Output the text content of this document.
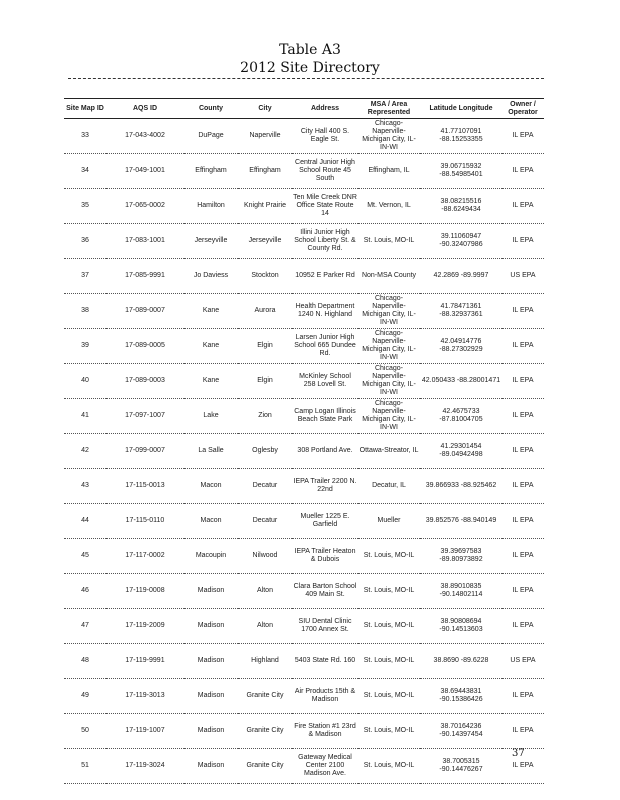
Table A3
2012 Site Directory
Site Map ID	AQS ID	County	City	Address	MSA / Area Represented	Latitude Longitude	Owner / Operator
33	17-043-4002	DuPage	Naperville	City Hall 400 S. Eagle St.	Chicago-Naperville-Michigan City, IL-IN-WI	41.77107091 -88.15253355	IL EPA
34	17-049-1001	Effingham	Effingham	Central Junior High School Route 45 South	Effingham, IL	39.06715932 -88.54985401	IL EPA
35	17-065-0002	Hamilton	Knight Prairie	Ten Mile Creek DNR Office State Route 14	Mt. Vernon, IL	38.08215516 -88.6249434	IL EPA
36	17-083-1001	Jerseyville	Jerseyville	Illini Junior High School Liberty St. & County Rd.	St. Louis, MO-IL	39.11060947 -90.32407986	IL EPA
37	17-085-9991	Jo Daviess	Stockton	10952 E Parker Rd	Non-MSA County	42.2869 -89.9997	US EPA
38	17-089-0007	Kane	Aurora	Health Department 1240 N. Highland	Chicago-Naperville-Michigan City, IL-IN-WI	41.78471361 -88.32937361	IL EPA
39	17-089-0005	Kane	Elgin	Larsen Junior High School 665 Dundee Rd.	Chicago-Naperville-Michigan City, IL-IN-WI	42.04914776 -88.27302929	IL EPA
40	17-089-0003	Kane	Elgin	McKinley School 258 Lovell St.	Chicago-Naperville-Michigan City, IL-IN-WI	42.050433 -88.28001471	IL EPA
41	17-097-1007	Lake	Zion	Camp Logan Illinois Beach State Park	Chicago-Naperville-Michigan City, IL-IN-WI	42.4675733 -87.81004705	IL EPA
42	17-099-0007	La Salle	Oglesby	308 Portland Ave.	Ottawa-Streator, IL	41.29301454 -89.04942498	IL EPA
43	17-115-0013	Macon	Decatur	IEPA Trailer 2200 N. 22nd	Decatur, IL	39.866933 -88.925462	IL EPA
44	17-115-0110	Macon	Decatur	Mueller 1225 E. Garfield	Mueller	39.852576 -88.940149	IL EPA
45	17-117-0002	Macoupin	Nilwood	IEPA Trailer Heaton & Dubois	St. Louis, MO-IL	39.39697583 -89.80973892	IL EPA
46	17-119-0008	Madison	Alton	Clara Barton School 409 Main St.	St. Louis, MO-IL	38.89010835 -90.14802114	IL EPA
47	17-119-2009	Madison	Alton	SIU Dental Clinic 1700 Annex St.	St. Louis, MO-IL	38.90808694 -90.14513603	IL EPA
48	17-119-9991	Madison	Highland	5403 State Rd. 160	St. Louis, MO-IL	38.8690 -89.6228	US EPA
49	17-119-3013	Madison	Granite City	Air Products 15th & Madison	St. Louis, MO-IL	38.69443831 -90.15386426	IL EPA
50	17-119-1007	Madison	Granite City	Fire Station #1 23rd & Madison	St. Louis, MO-IL	38.70164236 -90.14397454	IL EPA
51	17-119-3024	Madison	Granite City	Gateway Medical Center 2100 Madison Ave.	St. Louis, MO-IL	38.7005315 -90.14476267	IL EPA
37
